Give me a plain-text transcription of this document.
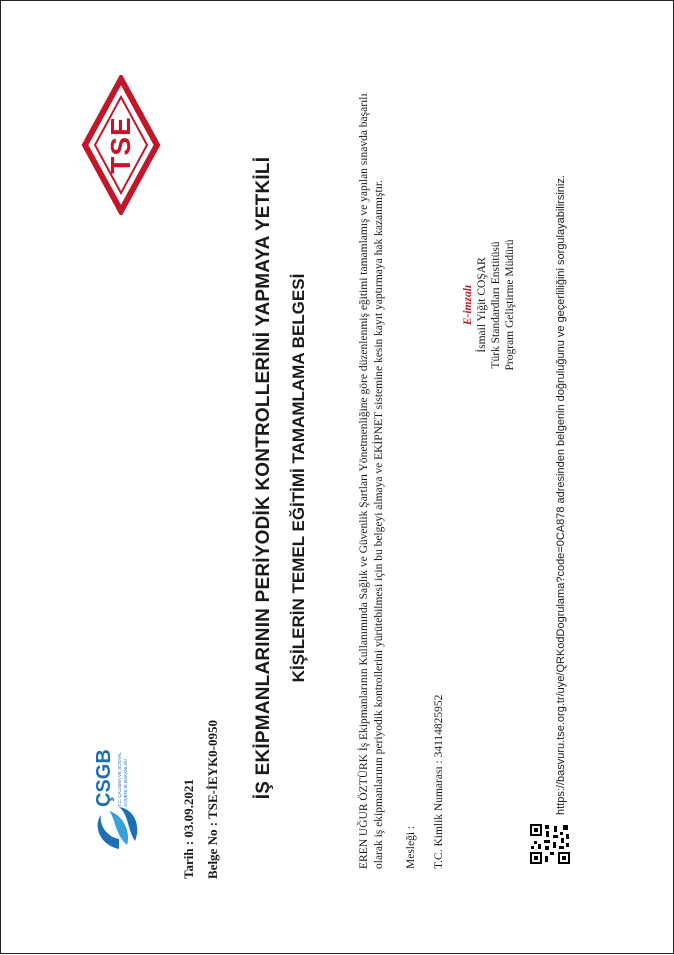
ÇSGB T.C. ÇALIŞMA VE SOSYAL GÜVENLİK BAKANLIĞI
TSE
Tarih : 03.09.2021 Belge No : TSE-İEYK0-0950
İŞ EKİPMANLARININ PERİYODİK KONTROLLERİNİ YAPMAYA YETKİLİ KİŞİLERİN TEMEL EĞİTİMİ TAMAMLAMA BELGESİ	EREN UĞUR ÖZTÜRK İş Ekipmanlarının Kullanımında Sağlık ve Güvenlik Şartları Yönetmenliğine göre düzenlenmiş eğitimi tamamlamış ve yapılan sınavda başarılı olarak iş ekipmanlarının periyodik kontrollerini yürütebilmesi için bu belgeyi almaya ve EKİPNET sistemine kesin kayıt yaptırmaya hak kazanmıştır. Mesleği : T.C. Kimlik Numarası : 34114825952
E-imzalı İsmail Yiğit COŞAR Türk Standardları Enstitüsü Program Geliştirme Müdürü	https://basvuru.tse.org.tr/uye/QRKodDogrulama?code=0CA878 adresinden belgenin doğruluğunu ve geçerliliğini sorgulayabilirsiniz.
